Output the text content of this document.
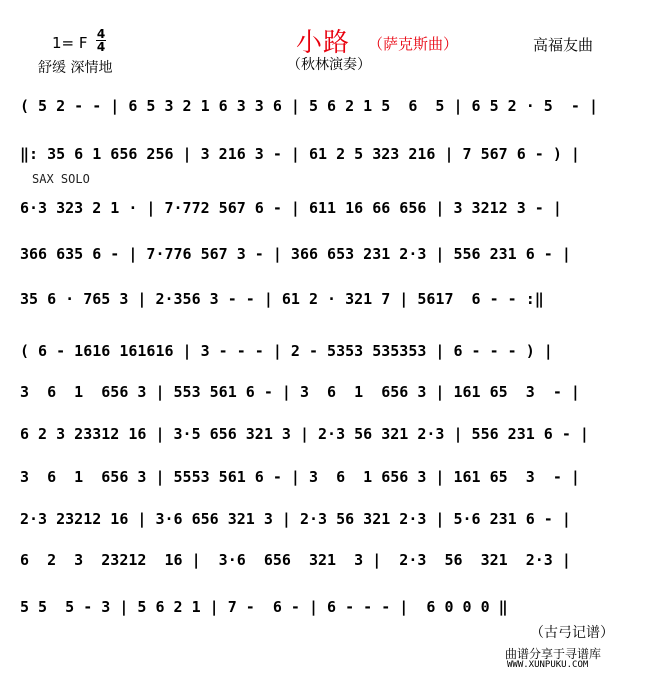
小路 （萨克斯曲）
1= F 4
4
舒缓 深情地	（秋林演奏）
高福友曲
( 5 2 - - | 6 5 3 2 1 6 3 3 6 | 5 6 2 1 5  6  5 | 6 5 2 · 5  - |
‖: 35 6 1 656 256 | 3 216 3 - | 61 2 5 323 216 | 7 567 6 - ) |
SAX SOLO
6·3 323 2 1 · | 7·772 567 6 - | 611 16 66 656 | 3 3212 3 - |
366 635 6 - | 7·776 567 3 - | 366 653 231 2·3 | 556 231 6 - |
35 6 · 765 3 | 2·356 3 - - | 61 2 · 321 7 | 5617  6 - - :‖
( 6 - 1616 161616 | 3 - - - | 2 - 5353 535353 | 6 - - - ) |
3  6  1  656 3 | 553 561 6 - | 3  6  1  656 3 | 161 65  3  - |
6 2 3 23312 16 | 3·5 656 321 3 | 2·3 56 321 2·3 | 556 231 6 - |
3  6  1  656 3 | 5553 561 6 - | 3  6  1 656 3 | 161 65  3  - |
2·3 23212 16 | 3·6 656 321 3 | 2·3 56 321 2·3 | 5·6 231 6 - |
6  2  3  23212  16 |  3·6  656  321  3 |  2·3  56  321  2·3 |
5 5  5 - 3 | 5 6 2 1 | 7 -  6 - | 6 - - - |  6 0 0 0 ‖
（古弓记谱）
曲谱分享于寻谱库
WWW.XUNPUKU.COM
